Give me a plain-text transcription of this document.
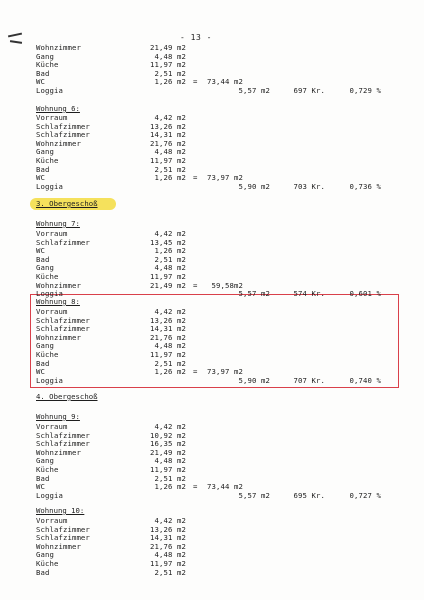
- 13 -
Wohnzimmer	21,49 m2
Gang	4,48 m2
Küche	11,97 m2
Bad	2,51 m2
WC	1,26 m2 = 73,44 m2
Loggia	5,57 m2	697 Kr.	0,729 %
Wohnung 6:
Vorraum	4,42 m2
Schlafzimmer	13,26 m2
Schlafzimmer	14,31 m2
Wohnzimmer	21,76 m2
Gang	4,48 m2
Küche	11,97 m2
Bad	2,51 m2
WC	1,26 m2 = 73,97 m2
Loggia	5,90 m2	703 Kr.	0,736 %
3. Obergeschoß
Wohnung 7:
Vorraum	4,42 m2
Schlafzimmer	13,45 m2
WC	1,26 m2
Bad	2,51 m2
Gang	4,48 m2
Küche	11,97 m2
Wohnzimmer	21,49 m2 =	59,58m2
Loggia	5,57 m2	574 Kr.	0,601 %
Wohnung 8:
Vorraum	4,42 m2
Schlafzimmer	13,26 m2
Schlafzimmer	14,31 m2
Wohnzimmer	21,76 m2
Gang	4,48 m2
Küche	11,97 m2
Bad	2,51 m2
WC	1,26 m2 = 73,97 m2
Loggia	5,90 m2	707 Kr.	0,740 %
4. Obergeschoß
Wohnung 9:
Vorraum	4,42 m2
Schlafzimmer	10,92 m2
Schlafzimmer	16,35 m2
Wohnzimmer	21,49 m2
Gang	4,48 m2
Küche	11,97 m2
Bad	2,51 m2
WC	1,26 m2 = 73,44 m2
Loggia	5,57 m2	695 Kr.	0,727 %
Wohnung 10:
Vorraum	4,42 m2
Schlafzimmer	13,26 m2
Schlafzimmer	14,31 m2
Wohnzimmer	21,76 m2
Gang	4,48 m2
Küche	11,97 m2
Bad	2,51 m2
